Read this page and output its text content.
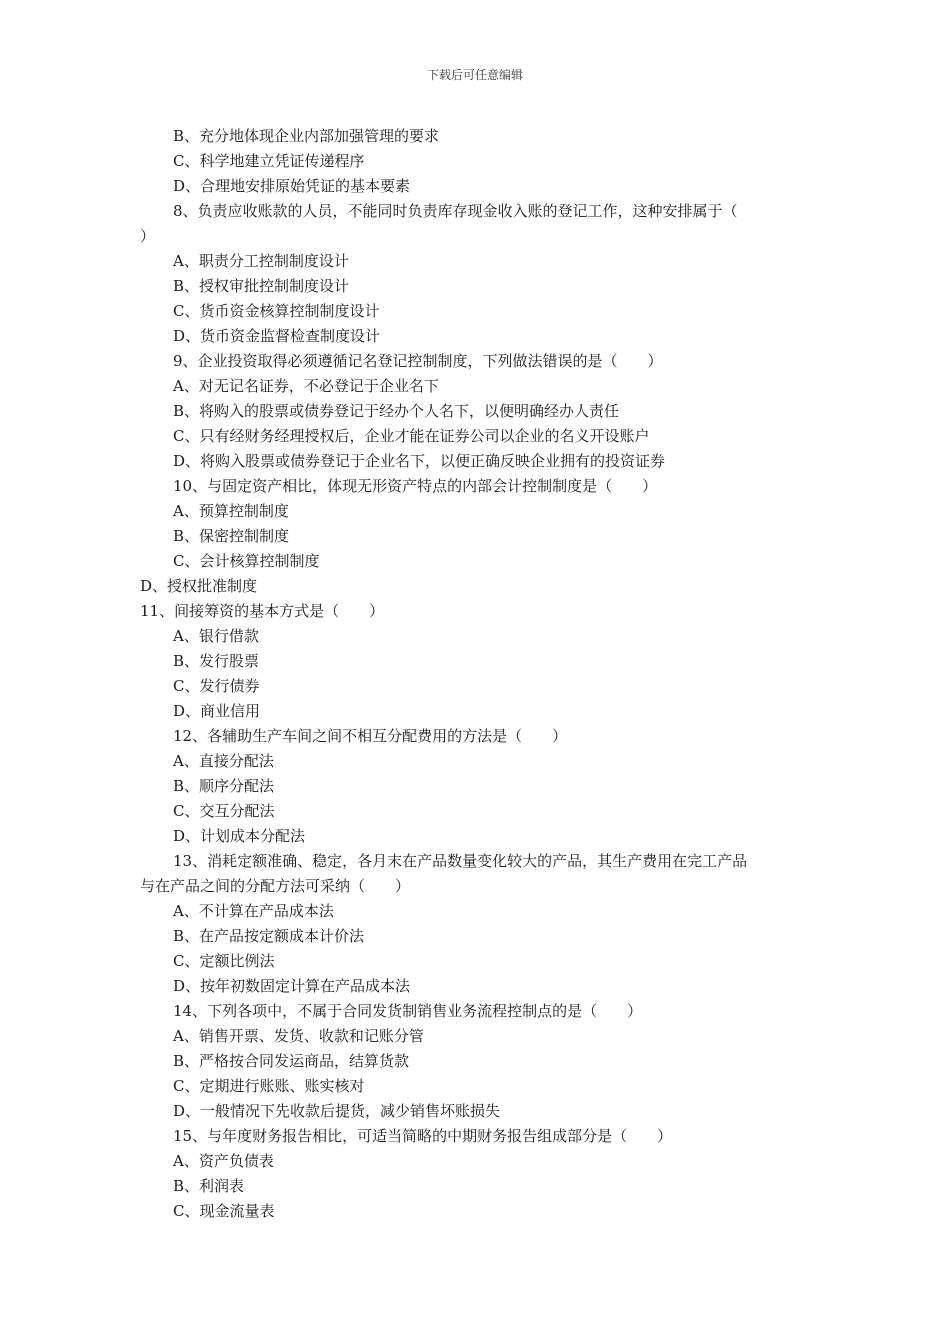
下载后可任意编辑
B、充分地体现企业内部加强管理的要求
C、科学地建立凭证传递程序
D、合理地安排原始凭证的基本要素
8、负责应收账款的人员，不能同时负责库存现金收入账的登记工作，这种安排属于（
）
A、职责分工控制制度设计
B、授权审批控制制度设计
C、货币资金核算控制制度设计
D、货币资金监督检查制度设计
9、企业投资取得必须遵循记名登记控制制度，下列做法错误的是（　　）
A、对无记名证券，不必登记于企业名下
B、将购入的股票或债券登记于经办个人名下，以便明确经办人责任
C、只有经财务经理授权后，企业才能在证券公司以企业的名义开设账户
D、将购入股票或债券登记于企业名下，以便正确反映企业拥有的投资证券
10、与固定资产相比，体现无形资产特点的内部会计控制制度是（　　）
A、预算控制制度
B、保密控制制度
C、会计核算控制制度
D、授权批准制度
11、间接筹资的基本方式是（　　）
A、银行借款
B、发行股票
C、发行债券
D、商业信用
12、各辅助生产车间之间不相互分配费用的方法是（　　）
A、直接分配法
B、顺序分配法
C、交互分配法
D、计划成本分配法
13、消耗定额准确、稳定，各月末在产品数量变化较大的产品，其生产费用在完工产品
与在产品之间的分配方法可采纳（　　）
A、不计算在产品成本法
B、在产品按定额成本计价法
C、定额比例法
D、按年初数固定计算在产品成本法
14、下列各项中，不属于合同发货制销售业务流程控制点的是（　　）
A、销售开票、发货、收款和记账分管
B、严格按合同发运商品，结算货款
C、定期进行账账、账实核对
D、一般情况下先收款后提货，减少销售坏账损失
15、与年度财务报告相比，可适当简略的中期财务报告组成部分是（　　）
A、资产负债表
B、利润表
C、现金流量表
